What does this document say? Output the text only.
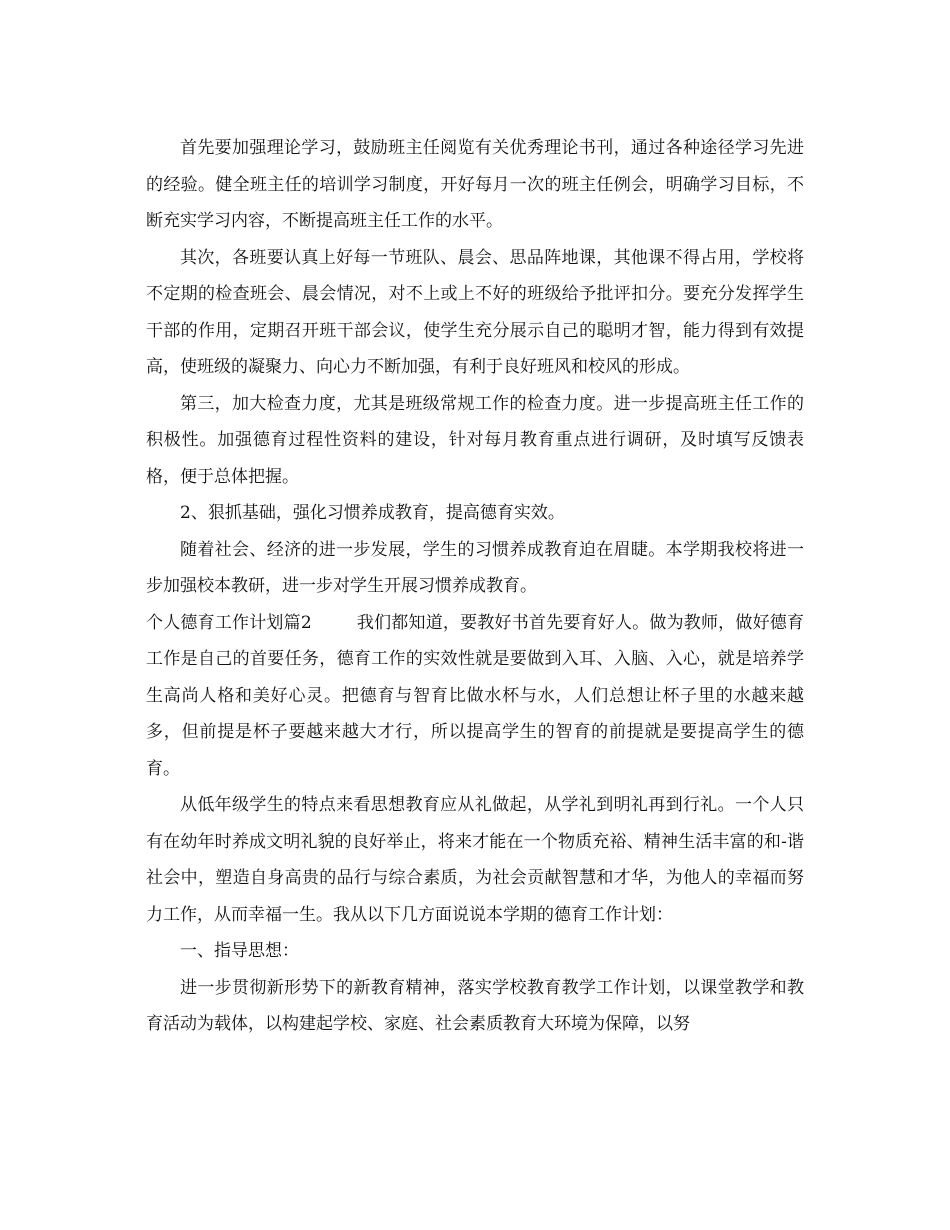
首先要加强理论学习，鼓励班主任阅览有关优秀理论书刊，通过各种途径学习先进的经验。健全班主任的培训学习制度，开好每月一次的班主任例会，明确学习目标，不断充实学习内容，不断提高班主任工作的水平。

其次，各班要认真上好每一节班队、晨会、思品阵地课，其他课不得占用，学校将不定期的检查班会、晨会情况，对不上或上不好的班级给予批评扣分。要充分发挥学生干部的作用，定期召开班干部会议，使学生充分展示自己的聪明才智，能力得到有效提高，使班级的凝聚力、向心力不断加强，有利于良好班风和校风的形成。

第三，加大检查力度，尤其是班级常规工作的检查力度。进一步提高班主任工作的积极性。加强德育过程性资料的建设，针对每月教育重点进行调研，及时填写反馈表格，便于总体把握。

2、狠抓基础，强化习惯养成教育，提高德育实效。

随着社会、经济的进一步发展，学生的习惯养成教育迫在眉睫。本学期我校将进一步加强校本教研，进一步对学生开展习惯养成教育。

个人德育工作计划篇2	我们都知道，要教好书首先要育好人。做为教师，做好德育工作是自己的首要任务，德育工作的实效性就是要做到入耳、入脑、入心，就是培养学生高尚人格和美好心灵。把德育与智育比做水杯与水，人们总想让杯子里的水越来越多，但前提是杯子要越来越大才行，所以提高学生的智育的前提就是要提高学生的德育。

从低年级学生的特点来看思想教育应从礼做起，从学礼到明礼再到行礼。一个人只有在幼年时养成文明礼貌的良好举止，将来才能在一个物质充裕、精神生活丰富的和-谐社会中，塑造自身高贵的品行与综合素质，为社会贡献智慧和才华，为他人的幸福而努力工作，从而幸福一生。我从以下几方面说说本学期的德育工作计划：

一、指导思想：

进一步贯彻新形势下的新教育精神，落实学校教育教学工作计划，以课堂教学和教育活动为载体，以构建起学校、家庭、社会素质教育大环境为保障，以努
